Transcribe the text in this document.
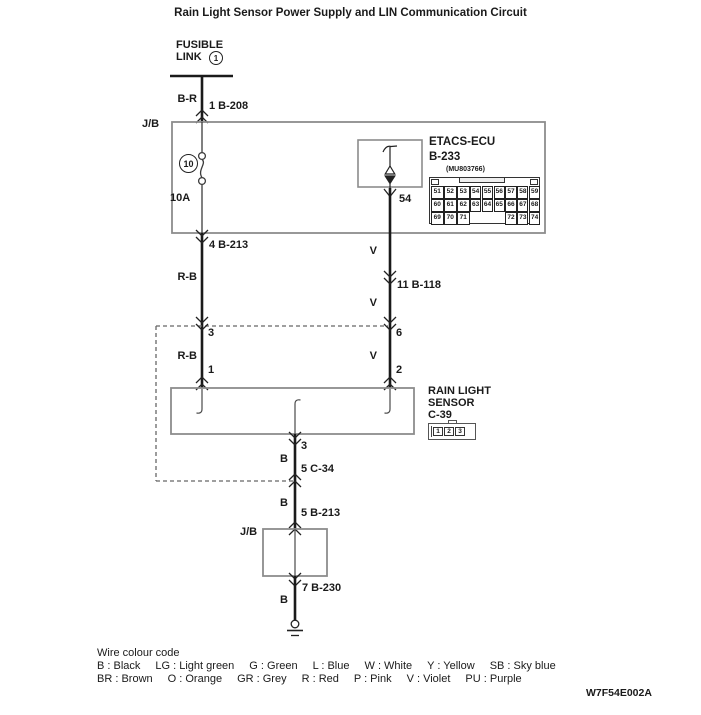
Rain Light Sensor Power Supply and LIN Communication Circuit
FUSIBLE
LINK	1
B-R
1 B-208
J/B
10
10A
ETACS-ECU
B-233
(MU803766)
54
51 52 53 54 55 56 57 58 59
60 61 62 63 64 65 66 67 68
69 70 71	72 73 74
4 B-213
R-B
V
11 B-118
V
3	6
R-B	V
1	2
RAIN LIGHT
SENSOR
C-39
1	2	3
3
B
5 C-34
B
5 B-213
J/B
7 B-230
B
Wire colour code
B : Black LG : Light green G : Green L : Blue W : White Y : Yellow SB : Sky blue
BR : Brown O : Orange GR : Grey R : Red P : Pink V : Violet PU : Purple
W7F54E002A
